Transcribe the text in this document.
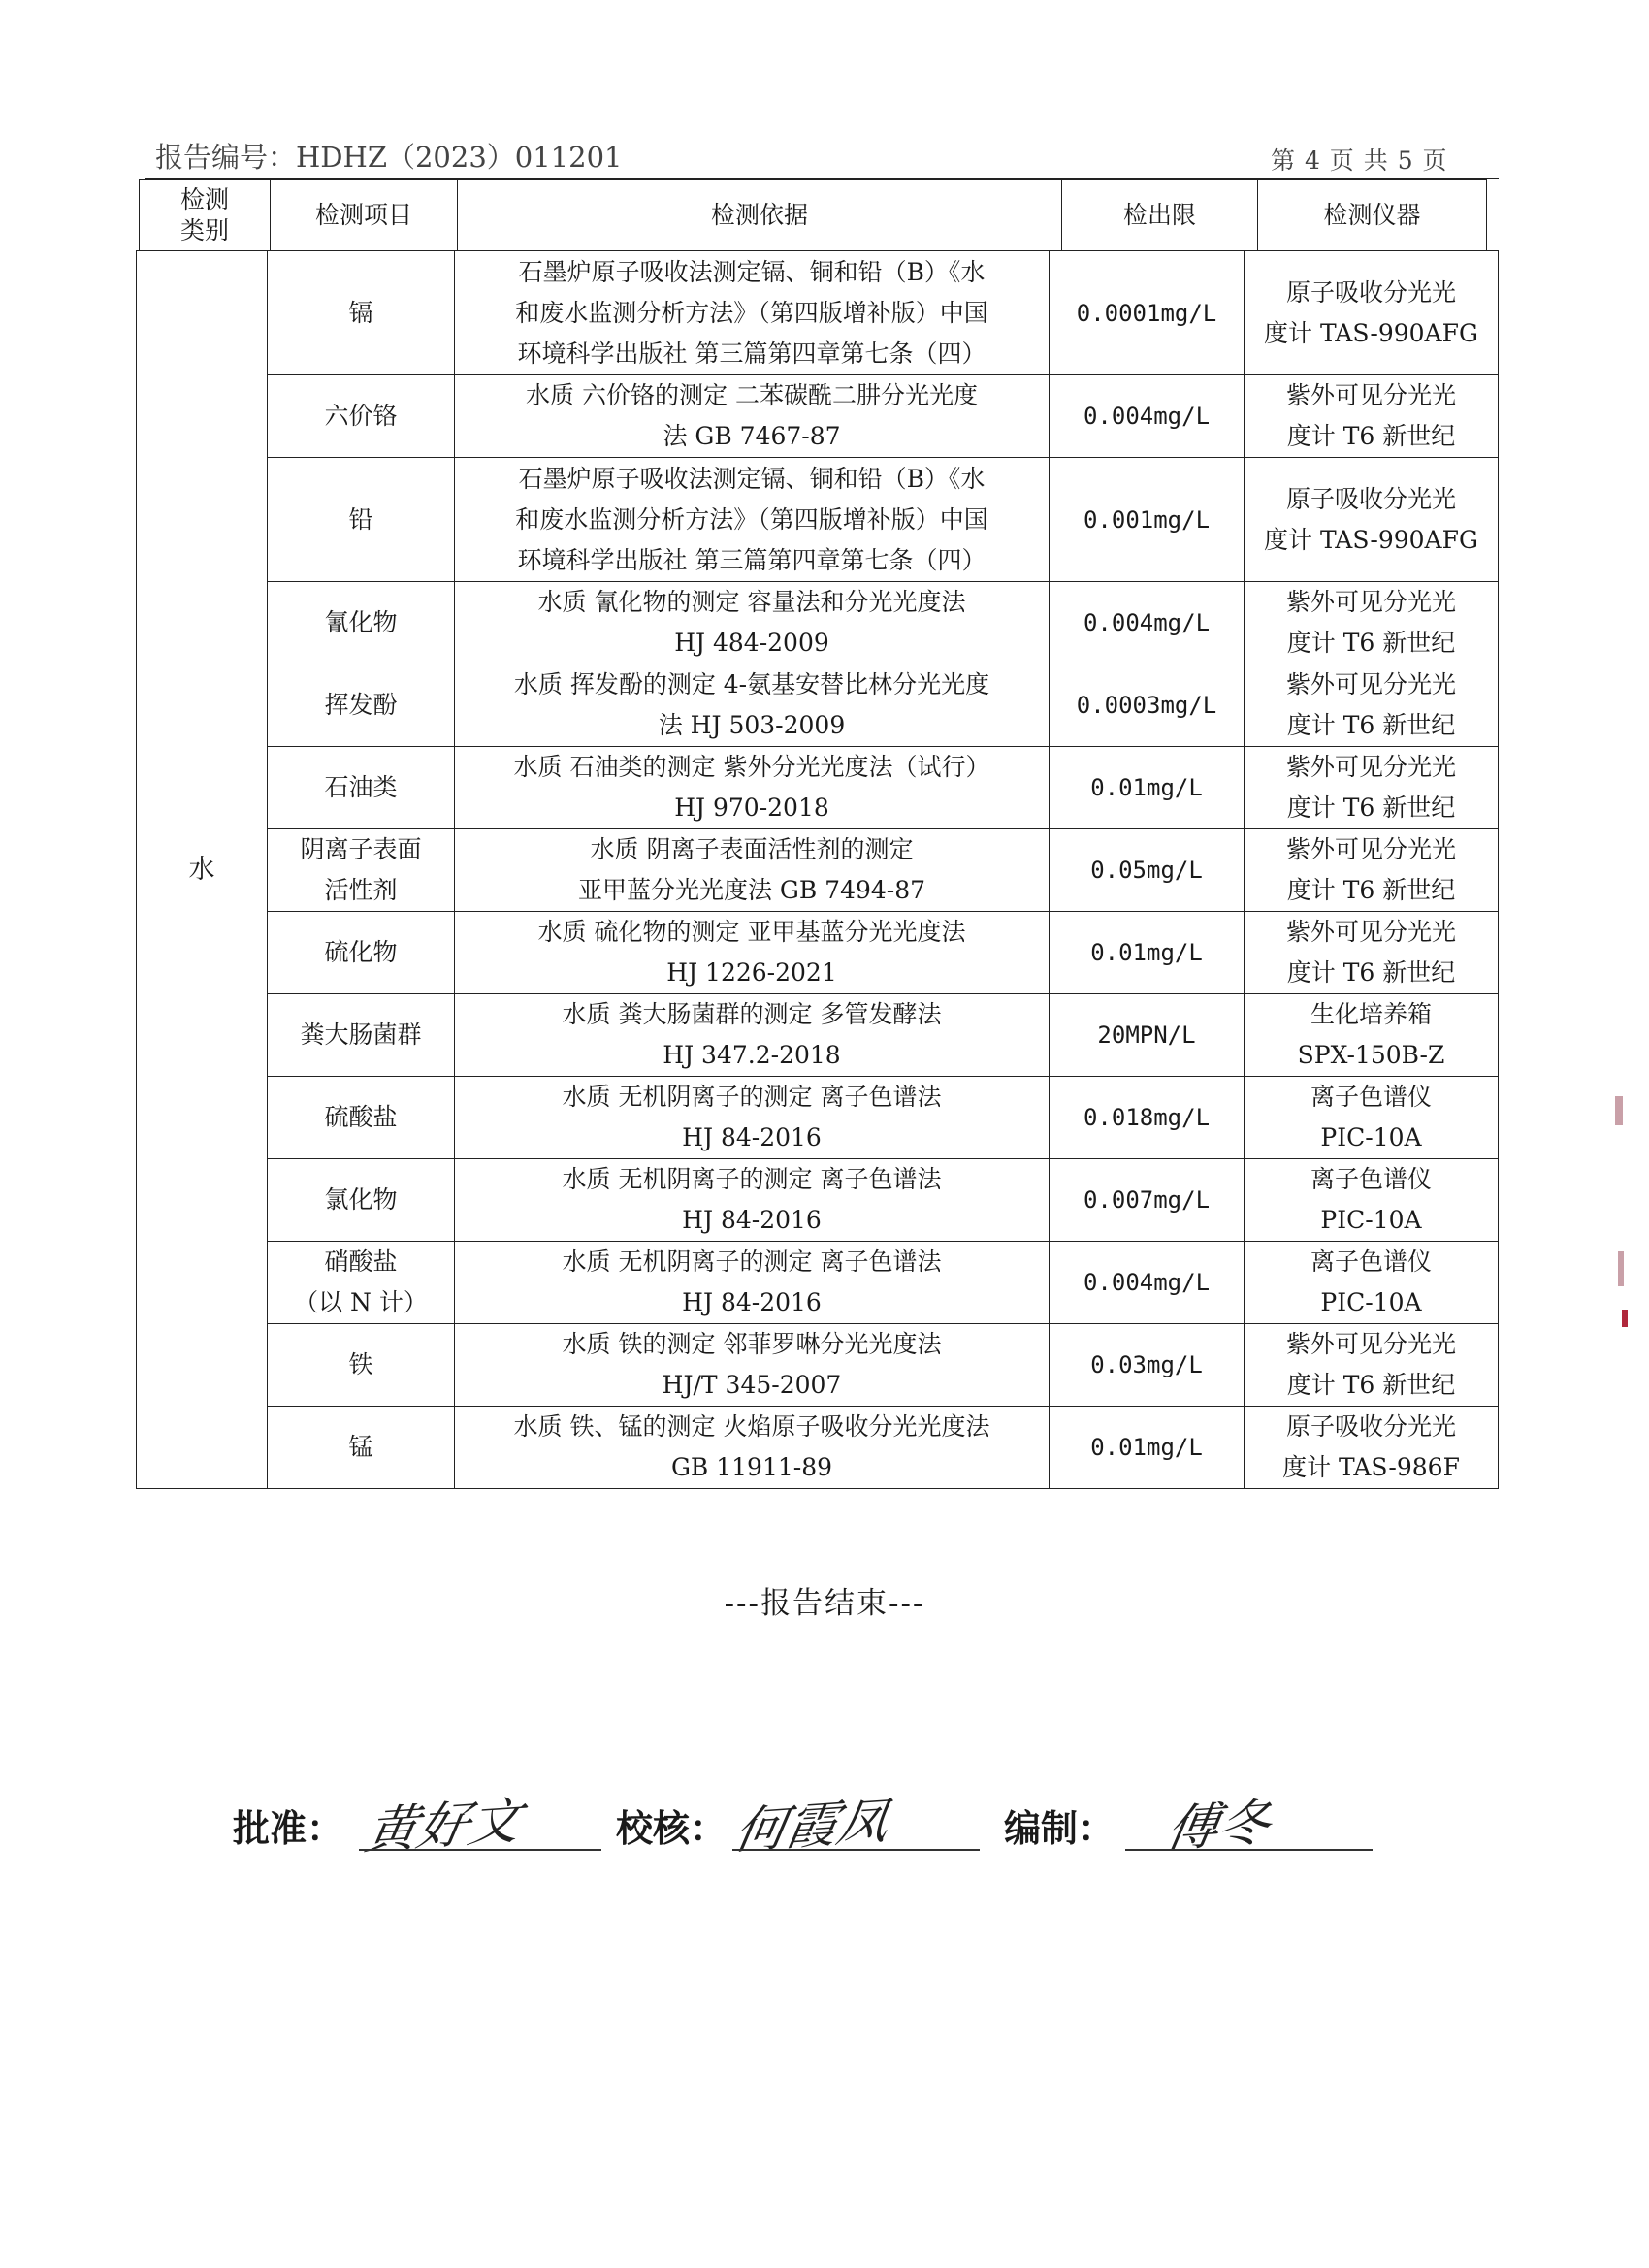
报告编号：HDHZ（2023）011201	第 4 页 共 5 页
检测
类别
	检测项目	检测依据	检出限	检测仪器
水	镉	石墨炉原子吸收法测定镉、铜和铅（B）《水
和废水监测分析方法》（第四版增补版）中国
环境科学出版社 第三篇第四章第七条（四）	0.0001mg/L	原子吸收分光光
度计 TAS-990AFG

	六价铬	水质 六价铬的测定 二苯碳酰二肼分光光度
法 GB 7467-87	0.004mg/L	紫外可见分光光
度计 T6 新世纪

	铅	石墨炉原子吸收法测定镉、铜和铅（B）《水
和废水监测分析方法》（第四版增补版）中国
环境科学出版社 第三篇第四章第七条（四）	0.001mg/L	原子吸收分光光
度计 TAS-990AFG

	氰化物	水质 氰化物的测定 容量法和分光光度法
HJ 484-2009	0.004mg/L	紫外可见分光光
度计 T6 新世纪

	挥发酚	水质 挥发酚的测定 4-氨基安替比林分光光度
法 HJ 503-2009	0.0003mg/L	紫外可见分光光
度计 T6 新世纪

	石油类	水质 石油类的测定 紫外分光光度法（试行）
HJ 970-2018	0.01mg/L	紫外可见分光光
度计 T6 新世纪

	阴离子表面
活性剂	水质 阴离子表面活性剂的测定
亚甲蓝分光光度法 GB 7494-87	0.05mg/L	紫外可见分光光
度计 T6 新世纪

	硫化物	水质 硫化物的测定 亚甲基蓝分光光度法
HJ 1226-2021	0.01mg/L	紫外可见分光光
度计 T6 新世纪

	粪大肠菌群	水质 粪大肠菌群的测定 多管发酵法
HJ 347.2-2018	20MPN/L	生化培养箱
SPX-150B-Z

	硫酸盐	水质 无机阴离子的测定 离子色谱法
HJ 84-2016	0.018mg/L	离子色谱仪
PIC-10A

	氯化物	水质 无机阴离子的测定 离子色谱法
HJ 84-2016	0.007mg/L	离子色谱仪
PIC-10A

	硝酸盐
（以 N 计）	水质 无机阴离子的测定 离子色谱法
HJ 84-2016	0.004mg/L	离子色谱仪
PIC-10A

	铁	水质 铁的测定 邻菲罗啉分光光度法
HJ/T 345-2007	0.03mg/L	紫外可见分光光
度计 T6 新世纪

	锰	水质 铁、锰的测定 火焰原子吸收分光光度法
GB 11911-89	0.01mg/L	原子吸收分光光
度计 TAS-986F
---报告结束---
批准： 黄好文 校核： 何霞凤	编制： 傅冬
